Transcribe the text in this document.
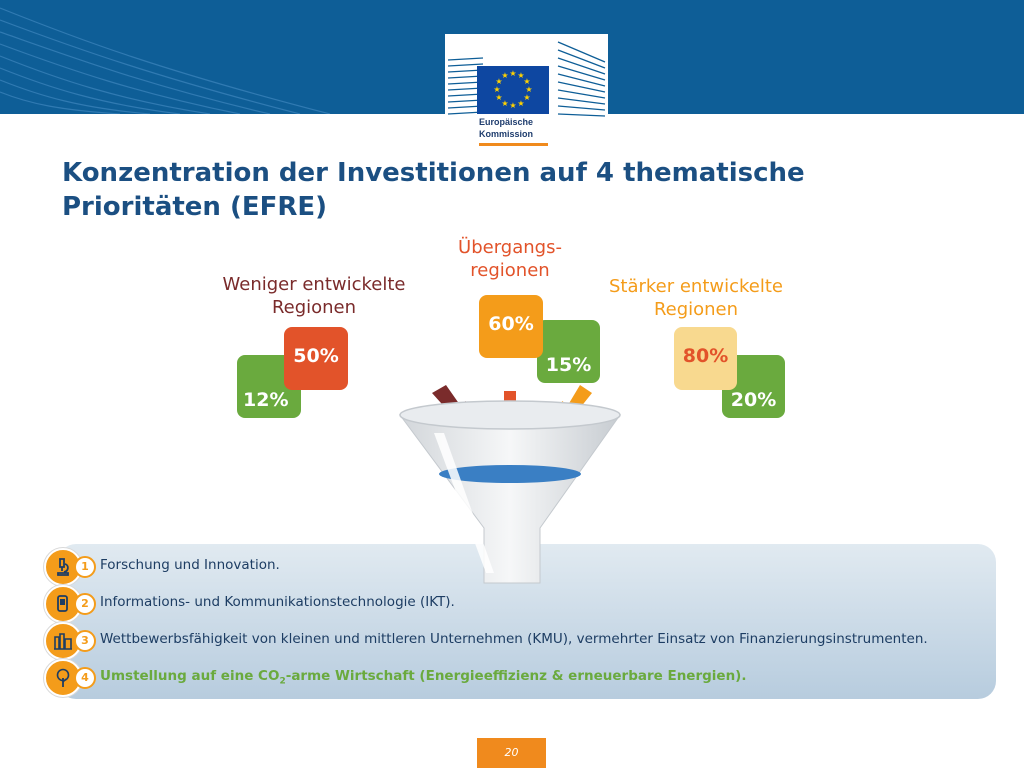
★ ★
★
★
★
★
★
★
★
★
★
★
Europäische
Kommission
Konzentration der Investitionen auf 4 thematische Prioritäten (EFRE)
Weniger entwickelte
Regionen
12%
50%
Übergangs-
regionen
15%
60%
Stärker entwickelte
Regionen
20%
80%
1 Forschung und Innovation.
2 Informations- und Kommunikationstechnologie (IKT).
3 Wettbewerbsfähigkeit von kleinen und mittleren Unternehmen (KMU), vermehrter Einsatz von Finanzierungsinstrumenten.
4 Umstellung auf eine $CO_2$-arme Wirtschaft (Energieeffizienz & erneuerbare Energien).
20
